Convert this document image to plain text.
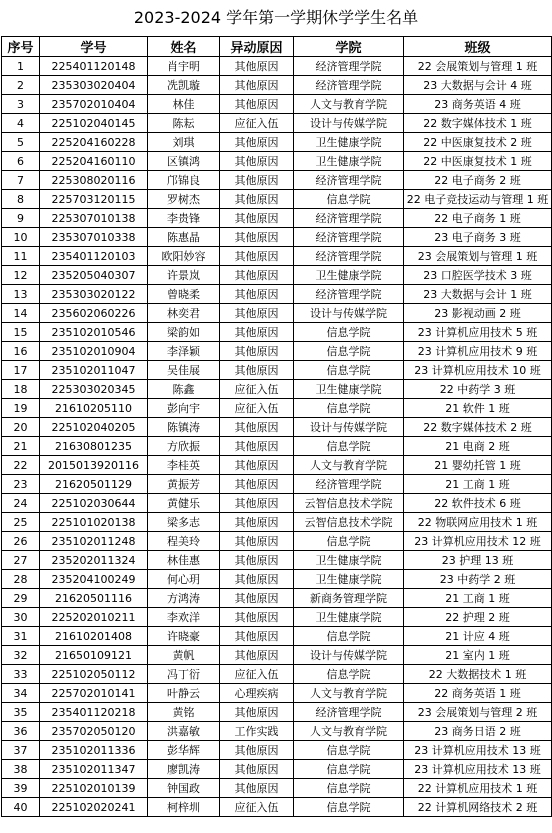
2023-2024 学年第一学期休学学生名单
序号	学号	姓名	异动原因	学院	班级
1	225401120148	肖宇明	其他原因	经济管理学院	22 会展策划与管理 1 班
2	235303020404	冼凯璇	其他原因	经济管理学院	23 大数据与会计 4 班
3	235702010404	林佳	其他原因	人文与教育学院	23 商务英语 4 班
4	225102040145	陈耘	应征入伍	设计与传媒学院	22 数字媒体技术 1 班
5	225204160228	刘琪	其他原因	卫生健康学院	22 中医康复技术 2 班
6	225204160110	区镇鸿	其他原因	卫生健康学院	22 中医康复技术 1 班
7	225308020116	邝锦良	其他原因	经济管理学院	22 电子商务 2 班
8	225703120115	罗树杰	其他原因	信息学院	22 电子竞技运动与管理 1 班
9	225307010138	李贵锋	其他原因	经济管理学院	22 电子商务 1 班
10	235307010338	陈惠晶	其他原因	经济管理学院	23 电子商务 3 班
11	235401120103	欧阳妙容	其他原因	经济管理学院	23 会展策划与管理 1 班
12	235205040307	许景岚	其他原因	卫生健康学院	23 口腔医学技术 3 班
13	235303020122	曾晓柔	其他原因	经济管理学院	23 大数据与会计 1 班
14	235602060226	林奕君	其他原因	设计与传媒学院	23 影视动画 2 班
15	235102010546	梁韵如	其他原因	信息学院	23 计算机应用技术 5 班
16	235102010904	李泽颖	其他原因	信息学院	23 计算机应用技术 9 班
17	235102011047	吴佳展	其他原因	信息学院	23 计算机应用技术 10 班
18	225303020345	陈鑫	应征入伍	卫生健康学院	22 中药学 3 班
19	21610205110	彭向宇	应征入伍	信息学院	21 软件 1 班
20	225102040205	陈镇涛	其他原因	设计与传媒学院	22 数字媒体技术 2 班
21	21630801235	方欣振	其他原因	信息学院	21 电商 2 班
22	2015013920116	李桂英	其他原因	人文与教育学院	21 婴幼托管 1 班
23	21620501129	黄振芳	其他原因	经济管理学院	21 工商 1 班
24	225102030644	黄健乐	其他原因	云智信息技术学院	22 软件技术 6 班
25	225101020138	梁多志	其他原因	云智信息技术学院	22 物联网应用技术 1 班
26	235102011248	程美玲	其他原因	信息学院	23 计算机应用技术 12 班
27	235202011324	林佳惠	其他原因	卫生健康学院	23 护理 13 班
28	235204100249	何心玥	其他原因	卫生健康学院	23 中药学 2 班
29	21620501116	方鸿涛	其他原因	新商务管理学院	21 工商 1 班
30	225202010211	李欢洋	其他原因	卫生健康学院	22 护理 2 班
31	21610201408	许晓豪	其他原因	信息学院	21 计应 4 班
32	21650109121	黄帆	其他原因	设计与传媒学院	21 室内 1 班
33	225102050112	冯丁衍	应征入伍	信息学院	22 大数据技术 1 班
34	225702010141	叶静云	心理疾病	人文与教育学院	22 商务英语 1 班
35	235401120218	黄铭	其他原因	经济管理学院	23 会展策划与管理 2 班
36	235702050120	洪嘉敏	工作实践	人文与教育学院	23 商务日语 2 班
37	235102011336	彭华辉	其他原因	信息学院	23 计算机应用技术 13 班
38	235102011347	廖凯涛	其他原因	信息学院	23 计算机应用技术 13 班
39	225102010139	钟国政	其他原因	信息学院	22 计算机应用技术 1 班
40	225102020241	柯梓圳	应征入伍	信息学院	22 计算机网络技术 2 班
